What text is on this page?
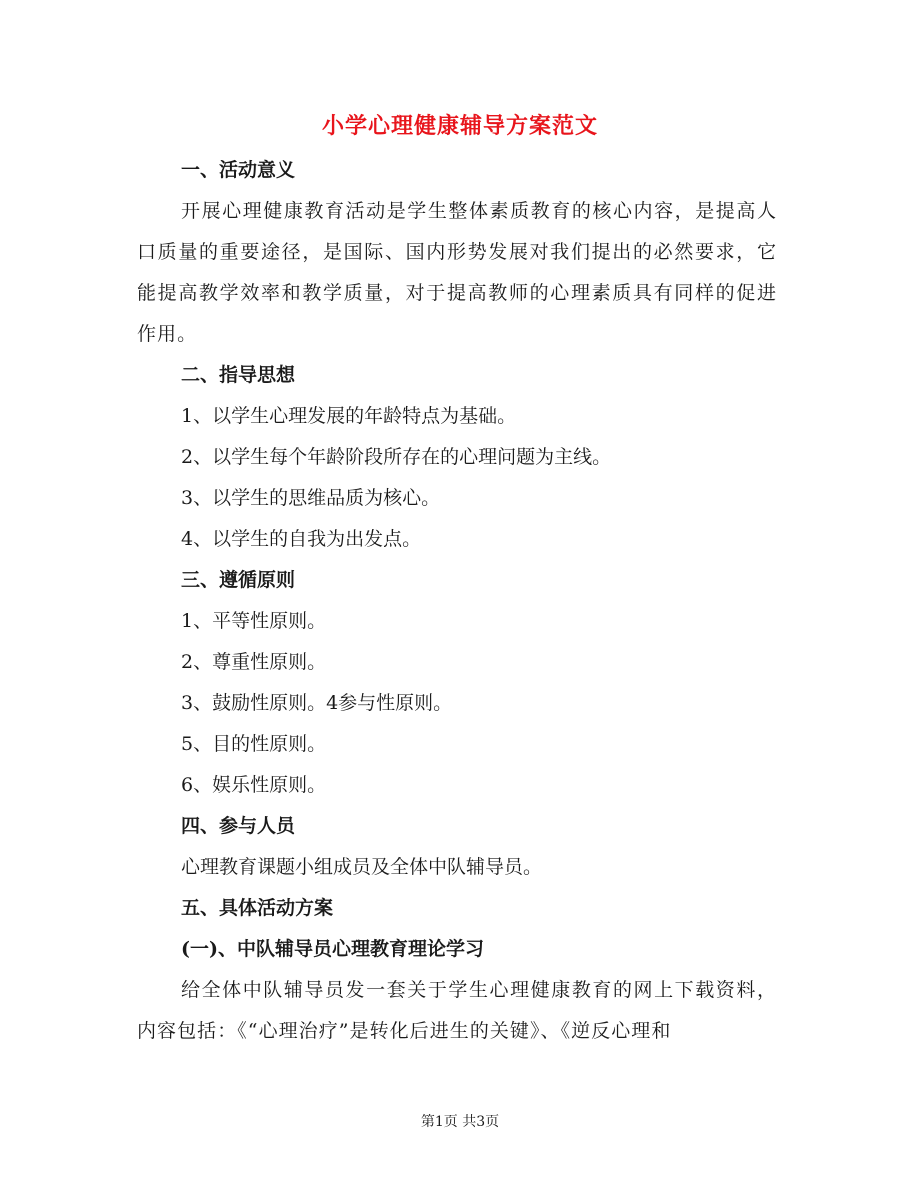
小学心理健康辅导方案范文

一、活动意义

开展心理健康教育活动是学生整体素质教育的核心内容，是提高人口质量的重要途径，是国际、国内形势发展对我们提出的必然要求，它能提高教学效率和教学质量，对于提高教师的心理素质具有同样的促进作用。

二、指导思想

1、以学生心理发展的年龄特点为基础。

2、以学生每个年龄阶段所存在的心理问题为主线。

3、以学生的思维品质为核心。

4、以学生的自我为出发点。

三、遵循原则

1、平等性原则。

2、尊重性原则。

3、鼓励性原则。4参与性原则。

5、目的性原则。

6、娱乐性原则。

四、参与人员

心理教育课题小组成员及全体中队辅导员。

五、具体活动方案

(一)、中队辅导员心理教育理论学习

给全体中队辅导员发一套关于学生心理健康教育的网上下载资料，内容包括：《“心理治疗”是转化后进生的关键》、《逆反心理和

第1页 共3页
